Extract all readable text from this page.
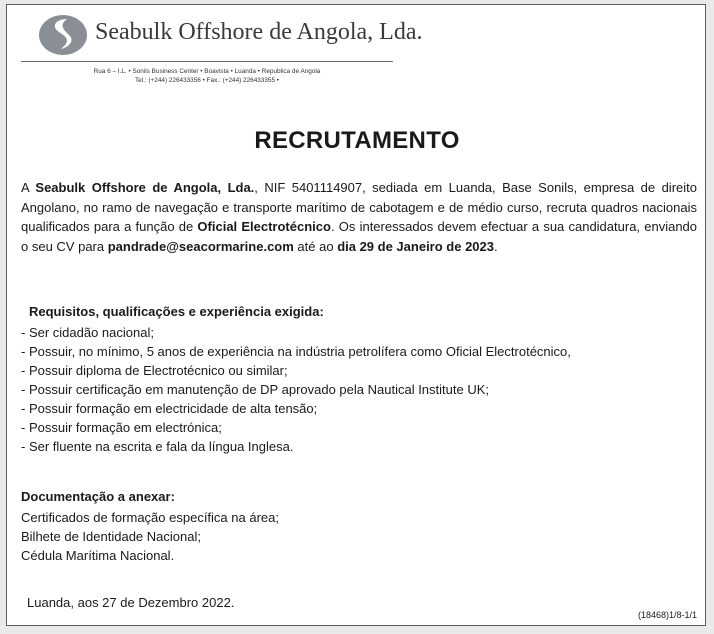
Seabulk Offshore de Angola, Lda.
Rua 6 – I.L. • Sonils Business Center • Boavista • Luanda • Republica de Angola
Tel.: (+244) 226433356 • Fax.: (+244) 226433355 •
RECRUTAMENTO
A Seabulk Offshore de Angola, Lda., NIF 5401114907, sediada em Luanda, Base Sonils, empresa de direito Angolano, no ramo de navegação e transporte marítimo de cabotagem e de médio curso, recruta quadros nacionais qualificados para a função de Oficial Electrotécnico. Os interessados devem efectuar a sua candidatura, enviando o seu CV para pandrade@seacormarine.com até ao dia 29 de Janeiro de 2023.
Requisitos, qualificações e experiência exigida:
- Ser cidadão nacional;
- Possuir, no mínimo, 5 anos de experiência na indústria petrolífera como Oficial Electrotécnico,
- Possuir diploma de Electrotécnico ou similar;
- Possuir certificação em manutenção de DP aprovado pela Nautical Institute UK;
- Possuir formação em electricidade de alta tensão;
- Possuir formação em electrónica;
- Ser fluente na escrita e fala da língua Inglesa.
Documentação a anexar:
Certificados de formação específica na área;
Bilhete de Identidade Nacional;
Cédula Marítima Nacional.
Luanda, aos 27 de Dezembro 2022.
(18468)1/8-1/1
